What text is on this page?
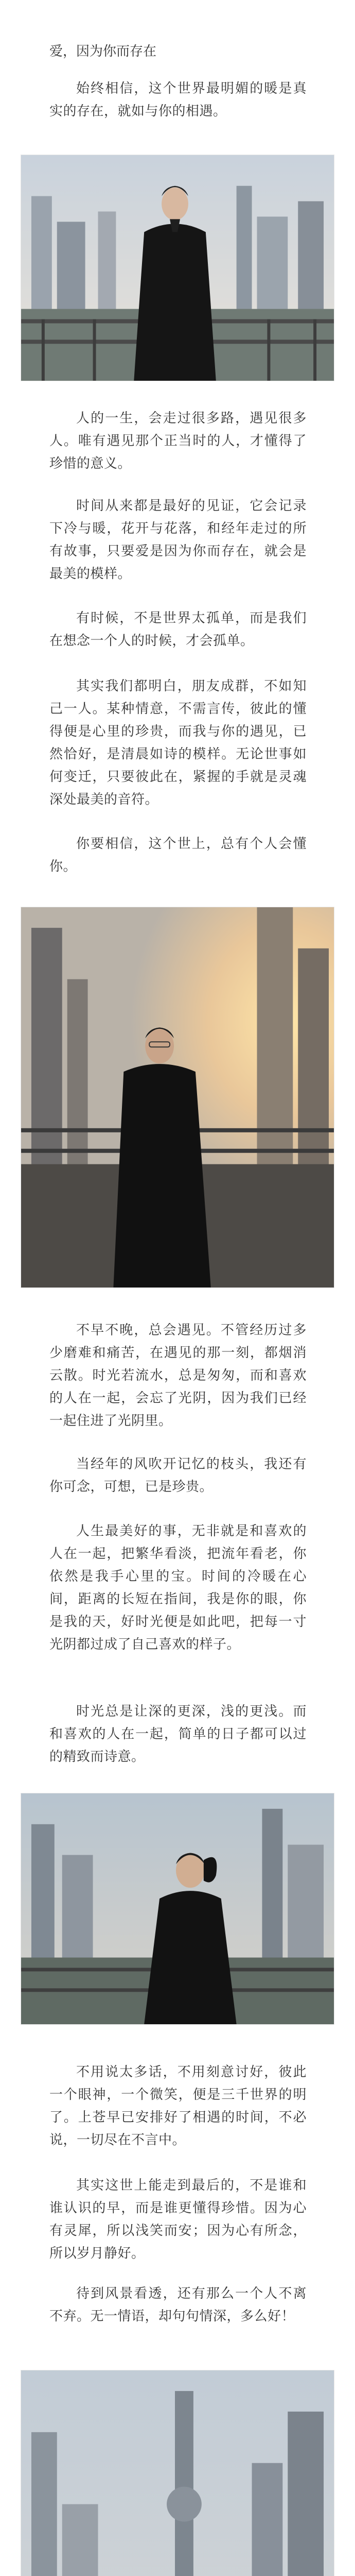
爱，因为你而存在

始终相信，这个世界最明媚的暖是真实的存在，就如与你的相遇。

人的一生，会走过很多路，遇见很多人。唯有遇见那个正当时的人，才懂得了珍惜的意义。

时间从来都是最好的见证，它会记录下冷与暖，花开与花落，和经年走过的所有故事，只要爱是因为你而存在，就会是最美的模样。

有时候，不是世界太孤单，而是我们在想念一个人的时候，才会孤单。

其实我们都明白，朋友成群，不如知己一人。某种情意，不需言传，彼此的懂得便是心里的珍贵，而我与你的遇见，已然恰好，是清晨如诗的模样。无论世事如何变迁，只要彼此在，紧握的手就是灵魂深处最美的音符。

你要相信，这个世上，总有个人会懂你。

不早不晚，总会遇见。不管经历过多少磨难和痛苦，在遇见的那一刻，都烟消云散。时光若流水，总是匆匆，而和喜欢的人在一起，会忘了光阴，因为我们已经一起住进了光阴里。

当经年的风吹开记忆的枝头，我还有你可念，可想，已是珍贵。

人生最美好的事，无非就是和喜欢的人在一起，把繁华看淡，把流年看老，你依然是我手心里的宝。时间的冷暖在心间，距离的长短在指间，我是你的眼，你是我的天，好时光便是如此吧，把每一寸光阴都过成了自己喜欢的样子。

时光总是让深的更深，浅的更浅。而和喜欢的人在一起，简单的日子都可以过的精致而诗意。

不用说太多话，不用刻意讨好，彼此一个眼神，一个微笑，便是三千世界的明了。上苍早已安排好了相遇的时间，不必说，一切尽在不言中。

其实这世上能走到最后的，不是谁和谁认识的早，而是谁更懂得珍惜。因为心有灵犀，所以浅笑而安；因为心有所念，所以岁月静好。

待到风景看透，还有那么一个人不离不弃。无一情语，却句句情深，多么好！
